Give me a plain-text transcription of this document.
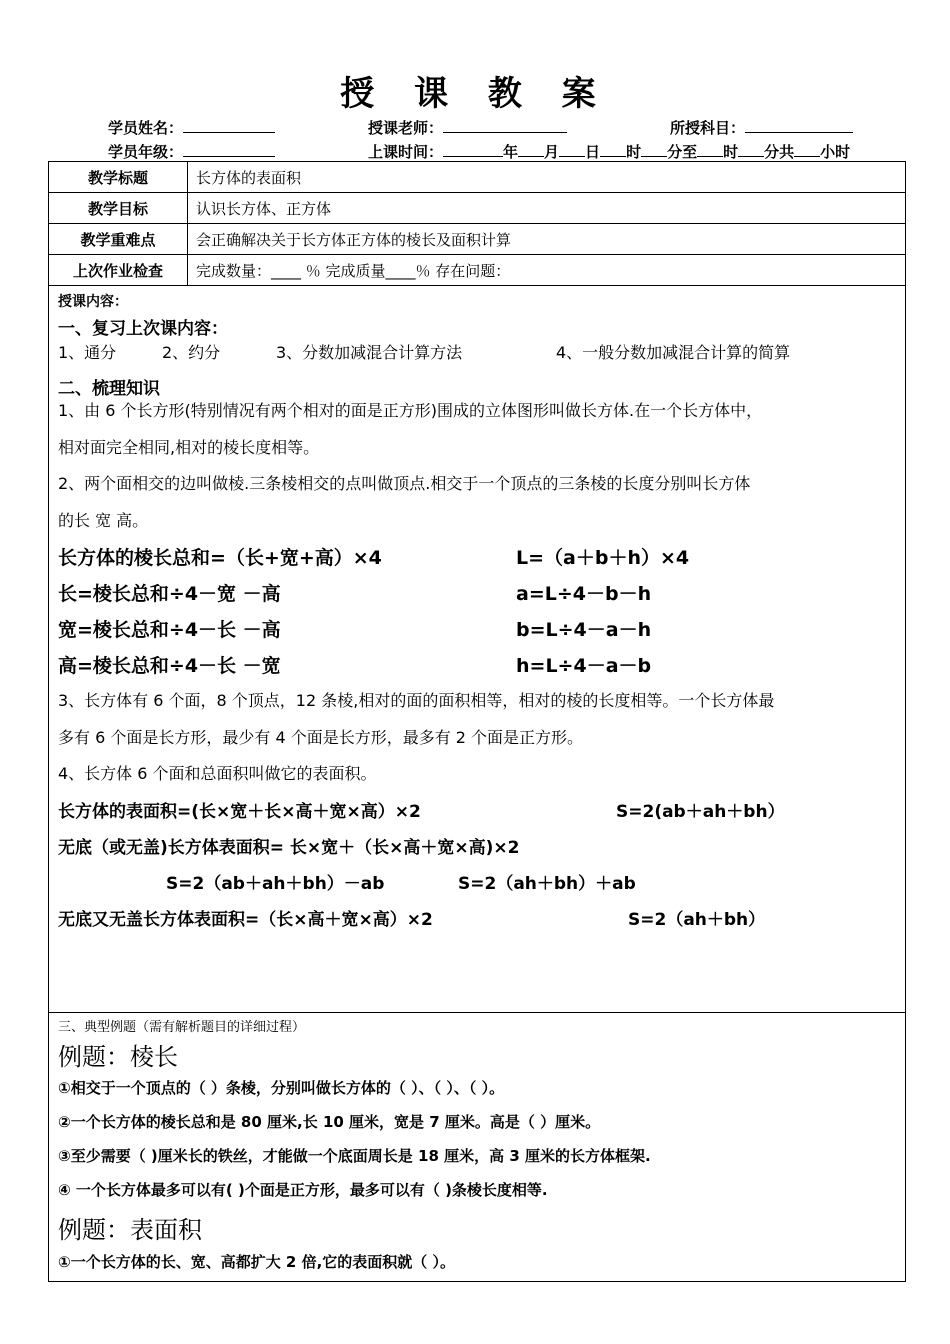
授 课 教 案
学员姓名：	授课老师：	所授科目：
学员年级：	上课时间：	年 月 日 时 分至 时 分共 小时
教学标题	长方体的表面积
教学目标	认识长方体、正方体
教学重难点	会正确解决关于长方体正方体的棱长及面积计算
上次作业检查	完成数量：____ ％ 完成质量____％ 存在问题：
授课内容：
一、复习上次课内容：
1、通分	2、约分	3、分数加减混合计算方法	4、一般分数加减混合计算的简算
二、梳理知识
1、由 6 个长方形(特别情况有两个相对的面是正方形)围成的立体图形叫做长方体.在一个长方体中，
相对面完全相同,相对的棱长度相等。
2、两个面相交的边叫做棱.三条棱相交的点叫做顶点.相交于一个顶点的三条棱的长度分别叫长方体
的长 宽 高。
长方体的棱长总和=（长+宽+高）×4	L=（a＋b＋h）×4
长=棱长总和÷4－宽 －高	a=L÷4－b－h
宽=棱长总和÷4－长 －高	b=L÷4－a－h
高=棱长总和÷4－长 －宽	h=L÷4－a－b
3、长方体有 6 个面，8 个顶点，12 条棱,相对的面的面积相等，相对的棱的长度相等。一个长方体最
多有 6 个面是长方形，最少有 4 个面是长方形，最多有 2 个面是正方形。
4、长方体 6 个面和总面积叫做它的表面积。
长方体的表面积=(长×宽＋长×高＋宽×高）×2	S=2(ab＋ah＋bh）
无底（或无盖)长方体表面积= 长×宽＋（长×高＋宽×高)×2
S=2（ab＋ah＋bh）－ab	S=2（ah＋bh）＋ab
无底又无盖长方体表面积=（长×高＋宽×高）×2	S=2（ah＋bh）
三、典型例题（需有解析题目的详细过程）
例题：棱长
①相交于一个顶点的（ ）条棱，分别叫做长方体的（ ）、（ ）、（ ）。
②一个长方体的棱长总和是 80 厘米,长 10 厘米，宽是 7 厘米。高是（ ）厘米。
③至少需要（ )厘米长的铁丝，才能做一个底面周长是 18 厘米，高 3 厘米的长方体框架.
④ 一个长方体最多可以有( )个面是正方形，最多可以有（ )条棱长度相等.
例题：表面积
①一个长方体的长、宽、高都扩大 2 倍,它的表面积就（ ）。
